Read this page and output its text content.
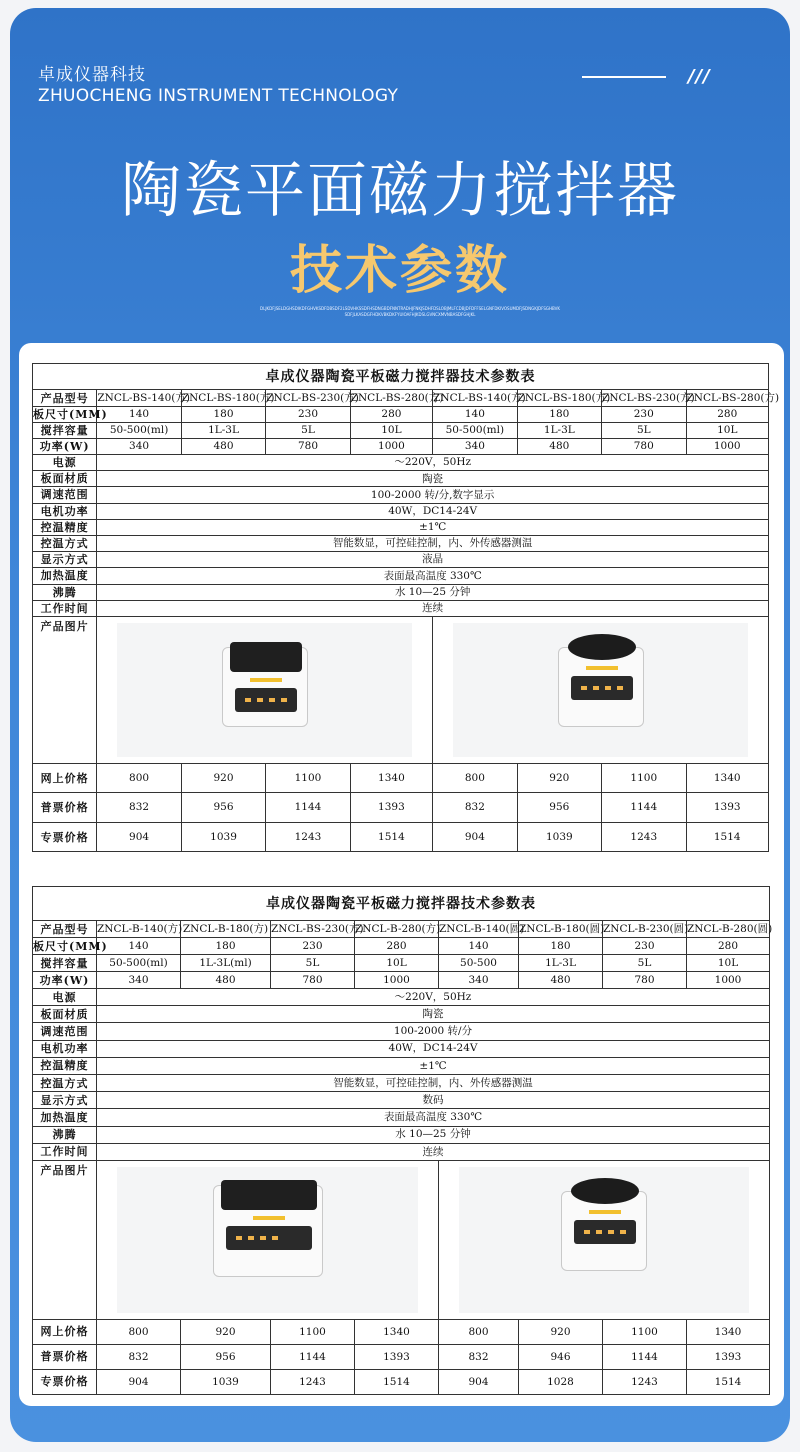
卓成仪器科技
ZHUOCHENG INSTRUMENT TECHNOLOGY
///
陶瓷平面磁力搅拌器
技术参数
DLJKDFJSELDGHSDIKDFGHVKSDFDBSDF2LSDVHKSSDFHSDNGBDFNNTRADHJFNKJSDHFDSLOBJMLFCDBJDFDFFSELGNFDKIVOSUMDFJSDNGKJDFSGHBVKSDFJLKASDGFHDKVBKDKFYUIOAFHJKDSLGVNCXMVNBASDFGHJKL
卓成仪器陶瓷平板磁力搅拌器技术参数表								
产品型号	ZNCL-BS-140(方)	ZNCL-BS-180(方)	ZNCL-BS-230(方)	ZNCL-BS-280(方)	ZNCL-BS-140(方)	ZNCL-BS-180(方)	ZNCL-BS-230(方)	ZNCL-BS-280(方)
板尺寸(MM)	140	180	230	280	140	180	230	280
搅拌容量	50-500(ml)	1L-3L	5L	10L	50-500(ml)	1L-3L	5L	10L
功率(W)	340	480	780	1000	340	480	780	1000
电源	～220V，50Hz							
板面材质	陶瓷							
调速范围	100-2000 转/分,数字显示							
电机功率	40W，DC14-24V							
控温精度	±1℃							
控温方式	智能数显，可控硅控制，内、外传感器测温							
显示方式	液晶							
加热温度	表面最高温度 330℃							
沸腾	水 10—25 分钟							
工作时间	连续							
产品图片							

网上价格	800	920	1100	1340	800	920	1100	1340
普票价格	832	956	1144	1393	832	956	1144	1393
专票价格	904	1039	1243	1514	904	1039	1243	1514
卓成仪器陶瓷平板磁力搅拌器技术参数表								
产品型号	ZNCL-B-140(方)	ZNCL-B-180(方)	ZNCL-BS-230(方)	ZNCL-B-280(方)	ZNCL-B-140(圆)	ZNCL-B-180(圆)	ZNCL-B-230(圆)	ZNCL-B-280(圆)
板尺寸(MM)	140	180	230	280	140	180	230	280
搅拌容量	50-500(ml)	1L-3L(ml)	5L	10L	50-500	1L-3L	5L	10L
功率(W)	340	480	780	1000	340	480	780	1000
电源	～220V，50Hz							
板面材质	陶瓷							
调速范围	100-2000 转/分							
电机功率	40W，DC14-24V							
控温精度	±1℃							
控温方式	智能数显，可控硅控制，内、外传感器测温							
显示方式	数码							
加热温度	表面最高温度 330℃							
沸腾	水 10—25 分钟							
工作时间	连续							
产品图片							

网上价格	800	920	1100	1340	800	920	1100	1340
普票价格	832	956	1144	1393	832	946	1144	1393
专票价格	904	1039	1243	1514	904	1028	1243	1514
